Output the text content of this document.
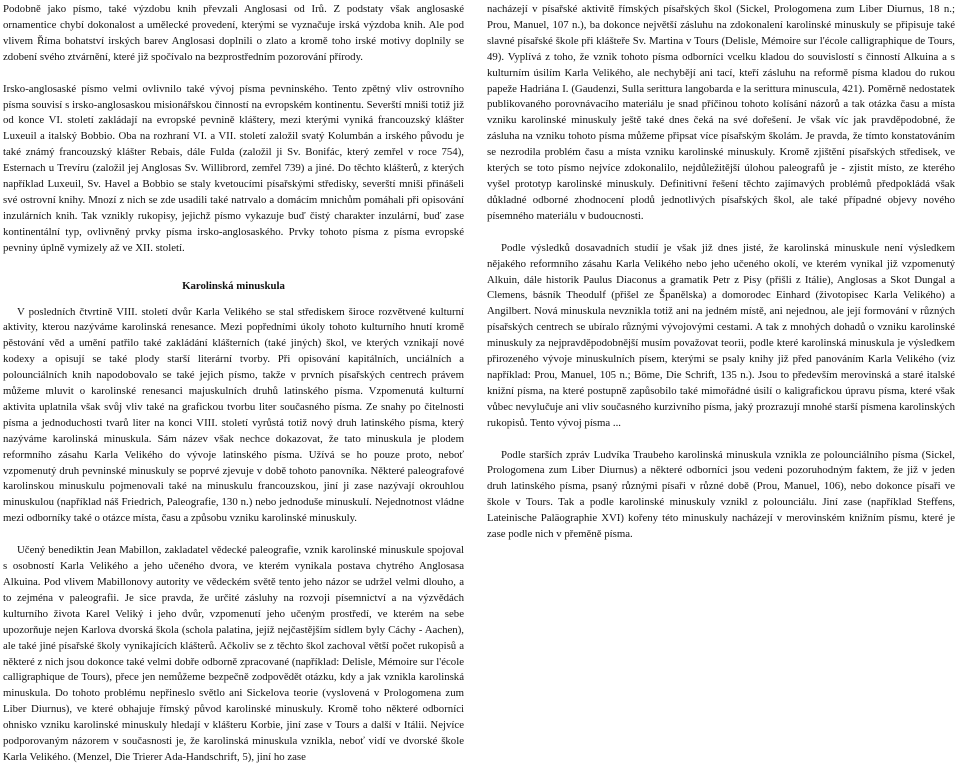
Podobně jako písmo, také výzdobu knih převzali Anglosasi od Irů. Z podstaty však anglosaské ornamentice chybí dokonalost a umělecké provedení, kterými se vyznačuje irská výzdoba knih. Ale pod vlivem Říma bohatství irských barev Anglosasi doplnili o zlato a kromě toho irské motivy doplnily se zdobení svého ztvárnění, které již spočívalo na bezprostředním pozorování přírody.

Irsko-anglosaské písmo velmi ovlivnilo také vývoj písma pevninského. Tento zpětný vliv ostrovního písma souvisí s irsko-anglosaskou misionářskou činností na evropském kontinentu. Severští mniši totiž již od konce VI. století zakládají na evropské pevnině kláštery, mezi kterými vyniká francouzský klášter Luxeuil a italský Bobbio. Oba na rozhraní VI. a VII. století založil svatý Kolumbán a irského původu je také známý francouzský klášter Rebais, dále Fulda (založil ji Sv. Bonifác, který zemřel v roce 754), Esternach u Trevíru (založil jej Anglosas Sv. Willibrord, zemřel 739) a jiné. Do těchto klášterů, z kterých například Luxeuil, Sv. Havel a Bobbio se staly kvetoucími písařskými středisky, severští mniši přinášeli své ostrovní knihy. Mnozí z nich se zde usadili také natrvalo a domácím mnichům pomáhali při opisování inzulárních knih. Tak vznikly rukopisy, jejichž písmo vykazuje buď čistý charakter inzulární, buď zase kontinentální typ, ovlivněný prvky písma irsko-anglosaského. Prvky tohoto písma z písma evropské pevniny úplně vymizely až ve XII. století.

Karolinská minuskula

V posledních čtvrtině VIII. století dvůr Karla Velikého se stal střediskem široce rozvětvené kulturní aktivity, kterou nazýváme karolinská renesance. Mezi popředními úkoly tohoto kulturního hnutí kromě pěstování věd a umění patřilo také zakládání klášterních (také jiných) škol, ve kterých vznikají nové kodexy a opisují se také plody starší literární tvorby. Při opisování kapitálních, unciálních a polounciálních knih napodobovalo se také jejich písmo, takže v prvních písařských centrech právem můžeme mluvit o karolinské renesanci majuskulních druhů latinského písma. Vzpomenutá kulturní aktivita uplatnila však svůj vliv také na grafickou tvorbu liter současného písma. Ze snahy po čitelnosti písma a jednoduchosti tvarů liter na konci VIII. století vyrůstá totiž nový druh latinského písma, který nazýváme karolinská minuskula. Sám název však nechce dokazovat, že tato minuskula je plodem reformního zásahu Karla Velikého do vývoje latinského písma. Užívá se ho pouze proto, neboť vzpomenutý druh pevninské minuskuly se poprvé zjevuje v době tohoto panovníka. Některé paleografové karolinskou minuskulu pojmenovali také na minuskulu francouzskou, jiní ji zase nazývají okrouhlou minuskulou (například náš Friedrich, Paleografie, 130 n.) nebo jednoduše minuskulí. Nejednotnost vládne mezi odborníky také o otázce místa, času a způsobu vzniku karolinské minuskuly.

Učený benediktin Jean Mabillon, zakladatel vědecké paleografie, vznik karolinské minuskule spojoval s osobností Karla Velikého a jeho učeného dvora, ve kterém vynikala postava chytrého Anglosasa Alkuina. Pod vlivem Mabillonovy autority ve vědeckém světě tento jeho názor se udržel velmi dlouho, a to zejména v paleografii. Je sice pravda, že určité zásluhy na rozvoji písemnictví a na výzvědách kulturního života Karel Veliký i jeho dvůr, vzpomenutí jeho učeným prostředí, ve kterém na sebe upozorňuje nejen Karlova dvorská škola (schola palatina, jejíž nejčastějším sídlem byly Cáchy - Aachen), ale také jiné písařské školy vynikajících klášterů. Ačkoliv se z těchto škol zachoval větší počet rukopisů a některé z nich jsou dokonce také velmi dobře odborně zpracované (například: Delisle, Mémoire sur l'école calligraphique de Tours), přece jen nemůžeme bezpečně zodpovědět otázku, kdy a jak vznikla karolinská minuskula. Do tohoto problému nepřineslo světlo ani Sickelova teorie (vyslovená v Prologomena zum Liber Diurnus), ve které obhajuje římský původ karolinské minuskuly. Kromě toho některé odborníci ohnisko vzniku karolinské minuskuly hledají v klášteru Korbie, jiní zase v Tours a další v Itálii. Nejvíce podporovaným názorem v současnosti je, že karolinská minuskula vznikla, neboť vidí ve dvorské škole Karla Velikého. (Menzel, Die Trierer Ada-Handschrift, 5), jiní ho zase

nacházejí v písařské aktivitě římských písařských škol (Sickel, Prologomena zum Liber Diurnus, 18 n.; Prou, Manuel, 107 n.), ba dokonce největší zásluhu na zdokonalení karolinské minuskuly se připisuje také slavné písařské škole při klášteře Sv. Martina v Tours (Delisle, Mémoire sur l'école calligraphique de Tours, 49). Vyplívá z toho, že vznik tohoto písma odborníci vcelku kladou do souvislostí s činností Alkuina a s kulturním úsilím Karla Velikého, ale nechybějí ani tací, kteří zásluhu na reformě písma kladou do rukou papeže Hadriána I. (Gaudenzi, Sulla serittura langobarda e la serittura minuscula, 421). Poměrně nedostatek publikovaného porovnávacího materiálu je snad příčinou tohoto kolísání názorů a tak otázka času a místa vzniku karolinské minuskuly ještě také dnes čeká na své dořešení. Je však víc jak pravděpodobné, že zásluha na vzniku tohoto písma můžeme připsat více písařským školám. Je pravda, že tímto konstatováním se nezrodila problém času a místa vzniku karolinské minuskuly. Kromě zjištění písařských středisek, ve kterých se toto písmo nejvíce zdokonalilo, nejdůležitější úlohou paleografů je - zjistit místo, ze kterého vyšel prototyp karolinské minuskuly. Definitivní řešení těchto zajímavých problémů předpokládá však důkladné odborné zhodnocení plodů jednotlivých písařských škol, ale také případné objevy nového písemného materiálu v budoucnosti.

Podle výsledků dosavadních studií je však již dnes jisté, že karolinská minuskule není výsledkem nějakého reformního zásahu Karla Velikého nebo jeho učeného okolí, ve kterém vynikal již vzpomenutý Alkuin, dále historik Paulus Diaconus a gramatik Petr z Pisy (přišli z Itálie), Anglosas a Skot Dungal a Clemens, básník Theodulf (přišel ze Španělska) a domorodec Einhard (životopisec Karla Velikého) a Angilbert. Nová minuskula nevznikla totiž ani na jedném místě, ani nejednou, ale její formování v různých písařských centrech se ubíralo různými vývojovými cestami. A tak z mnohých dohadů o vzniku karolinské minuskuly za nejpravděpodobnější musím považovat teorii, podle které karolinská minuskula je výsledkem přirozeného vývoje minuskulních písem, kterými se psaly knihy již před panováním Karla Velikého (viz například: Prou, Manuel, 105 n.; Böme, Die Schrift, 135 n.). Jsou to především merovinská a staré italské knižní písma, na které postupně zapůsobilo také mimořádné úsilí o kaligrafickou úpravu písma, které však vůbec nevylučuje ani vliv současného kurzivního písma, jaký prozrazují mnohé starší písmena karolinských rukopisů. Tento vývoj písma ...

Podle starších zpráv Ludvíka Traubeho karolinská minuskula vznikla ze polounciálního písma (Sickel, Prologomena zum Liber Diurnus) a některé odborníci jsou vedeni pozoruhodným faktem, že již v jeden druh latinského písma, psaný různými písaři v různé době (Prou, Manuel, 106), nebo dokonce písaři ve škole v Tours. Tak a podle karolinské minuskuly vznikl z polounciálu. Jiní zase (například Steffens, Lateinische Paläographie XVI) kořeny této minuskuly nacházejí v merovinském knižním písmu, které je zase podle nich v přeměně písma.
